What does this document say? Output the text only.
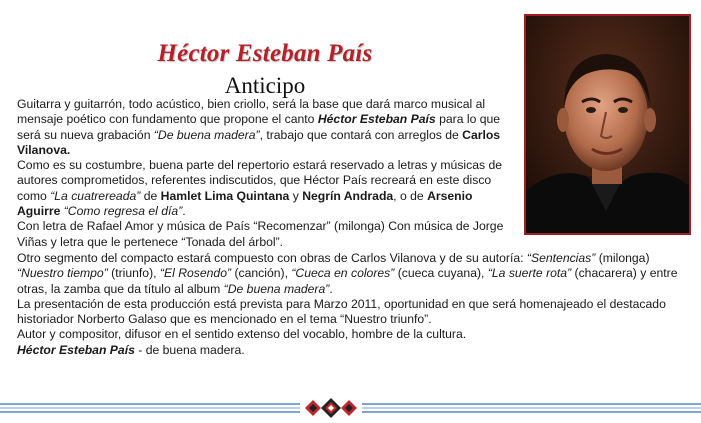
Héctor Esteban País
Anticipo

Guitarra y guitarrón, todo acústico, bien criollo, será la base que dará marco musical al mensaje poético con fundamento que propone el canto Héctor Esteban País para lo que será su nueva grabación “De buena madera”, trabajo que contará con arreglos de Carlos Vilanova.

Como es su costumbre, buena parte del repertorio estará reservado a letras y músicas de autores comprometidos, referentes indiscutidos, que Héctor País recreará en este disco como “La cuatrereada” de Hamlet Lima Quintana y Negrín Andrada, o de Arsenio Aguirre “Como regresa el día”.

Con letra de Rafael Amor y música de País “Recomenzar” (milonga) Con música de Jorge Viñas y letra que le pertenece “Tonada del árbol”.

Otro segmento del compacto estará compuesto con obras de Carlos Vilanova y de su autoría: “Sentencias” (milonga) “Nuestro tiempo” (triunfo), “El Rosendo” (canción), “Cueca en colores” (cueca cuyana), “La suerte rota” (chacarera) y entre otras, la zamba que da título al album “De buena madera”.

La presentación de esta producción está prevista para Marzo 2011, oportunidad en que será homenajeado el destacado historiador Norberto Galaso que es mencionado en el tema “Nuestro triunfo”.

Autor y compositor, difusor en el sentido extenso del vocablo, hombre de la cultura.

Héctor Esteban País - de buena madera.
